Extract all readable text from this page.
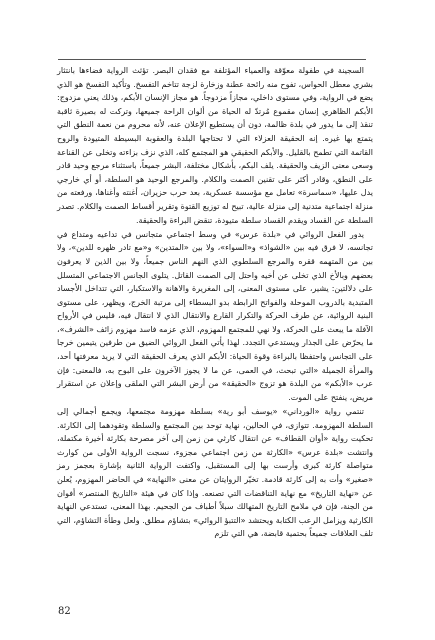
السجينة في طفولة معوّقة والعمياء المؤتلفة مع فقدان البصر. تؤثث الرواية فضاءها بانتثار بشري معطل الحواس، تفوح منه رائحة عطنة وزخارة لزجة تتاخم التفسخ. وتأكيد التفسخ هو الذي يضع في الرواية، وفي مستوى داخلي، مجازاً مزدوجاً. هو مجاز الإنسان الأبكم، وذلك يعني مزدوج: الأبكم الظاهري إنسان مقموع مُرتدّ له الحياة من ألوان الراحة جميعها، وتركت له بصيرة ثاقبة تنقذ إلى ما يدور في بلدة ظالمة، دون أن يستطيع الإعلان عنه، لأنه محروم من نعمة النطق التي يتمتع بها غيره. إنه الحقيقة العزلاء التي لا تحتاجها البلدة والعقوبة البسيطة المتيودة والروح القاتمة التي تطمح بالقليل. والأبكم الحقيقي هو المجتمع كله، الذي نزف بزاءته وتخلى عن القناعة وسعى معنى الزيف والحقيقة. يلف البكم، بأشكال مختلفة، البشر جميعاً، باستثناء مرجع وحيد قادر على النطق، وقادر أكثر على تقنين الصمت والكلام. والمرجع الوحيد هو السلطة، أو أي خارجي يدل عليها، «سماسرة» تعامل مع مؤسسة عسكرية، بعد حرب حزيران، أغنته وأغناها، ورفعته من منزلة اجتماعية متدنية إلى منزلة عالية، تبيح له توزيع القتوة وتقرير أقساط الصمت والكلام. تصدر السلطة عن القساد ويقدم القساد سلطة متيودة، تنقض البراءة والحقيقة.

يدور الفعل الروائي في «بلدة عرس» في وسط اجتماعي متجانس في تداعيه ومتداع في تجانسه، لا فرق فيه بين «الشواذ» و«السواء»، ولا بين «المتدين» و«مع تادر ظهره للدين»، ولا بين من المتهمه ققره والمرجع السلطوي الذي النهم الناس جميعاً، ولا بين الذين لا يعرفون بعضهم وبالأخ الذي تخلى عن أخيه واحتل إلى الصمت القاتل. يتلوى الجانس الاجتماعي المتسلل على دلالتين: يشير، على مستوى المعنى، إلى المغريرة والاهانة والاستكبار، التي تتداخل الأجساد المتبدية بالدروب الموحلة والفواتح الرابطة بدو البسطاء إلى مرتبة الخرج، ويظهر، على مستوى البنية الروائية، عن طرف الحركة والتكرار القارع والانتقال الذي لا انتقال فيه، فليس في الأرواح الآفلة ما يبعث على الحركة، ولا نهي للمجتمع المهزوم، الذي عزمه فاسد مهزوم زائف «الشرف»، ما يحرّض على الجذار ويستدعي التجدد. لهذا يأتي الفعل الروائي الضيق من طرفين يتيمين خرجا على التجانس واحتفظا بالبراءة وقوة الحياة: الأبكم الذي يعرف الحقيقة التي لا يريد معرفتها أحد، والمرأة الجميلة «التي تبحث، في العمى، عن ما لا يجوز الآخرون على البوح به، فالمعنى: فإن عرب «الأبكم» من البلدة هو تزوج «الحقيقة» من أرض البشر التي الملقى وإعلان عن استقرار مريض، ينفتح على الموت.

تنتمي رواية «الورداني» «يوسف أبو رية» بسلطة مهزومة مجتمعها، ويجمع أجمالي إلى السلطة المهزومة. تتوازى، في الحالين، نهاية توحد بين المجتمع والسلطة وتقودهما إلى الكارثة. تحكيت رواية «أوان القطاف» عن انتقال كارثي من زمن إلى آخر مصرحة بكارثة أخيرة مكتملة، وانتشت «بلدة عرس» «الكارثة من زمن اجتماعي مجزوء، نسجت الرواية الأولى من كوارث متواصلة كارثة كبرى وأرست بها إلى المستقبل، واكتفت الرواية الثانية بإشارة بعجمز رمز «صغير» وأت به إلى كارثة قادمة. تخيّر الروايتان عن معنى «النهاية» في الحاضر المهزوم، يُعلن عن «نهاية التاريخ» مع نهاية التناقضات التي تصنعه. وإذا كان في هيئة «التاريخ المنتصر» أفوان من الجنة، فإن في ملامح التاريخ المتهالك سبلاً أطباف من الجحيم. بهذا المعنى، تستدعي النهاية الكارثية ويزامل الرعب الكتابة ويحتشد «التتبؤ الروائي» بتشاؤم مطلق. ولعل وطأة التشاؤم، التي تلف العلاقات جميعاً بحتمية قابضة، هي التي تلزم

82
